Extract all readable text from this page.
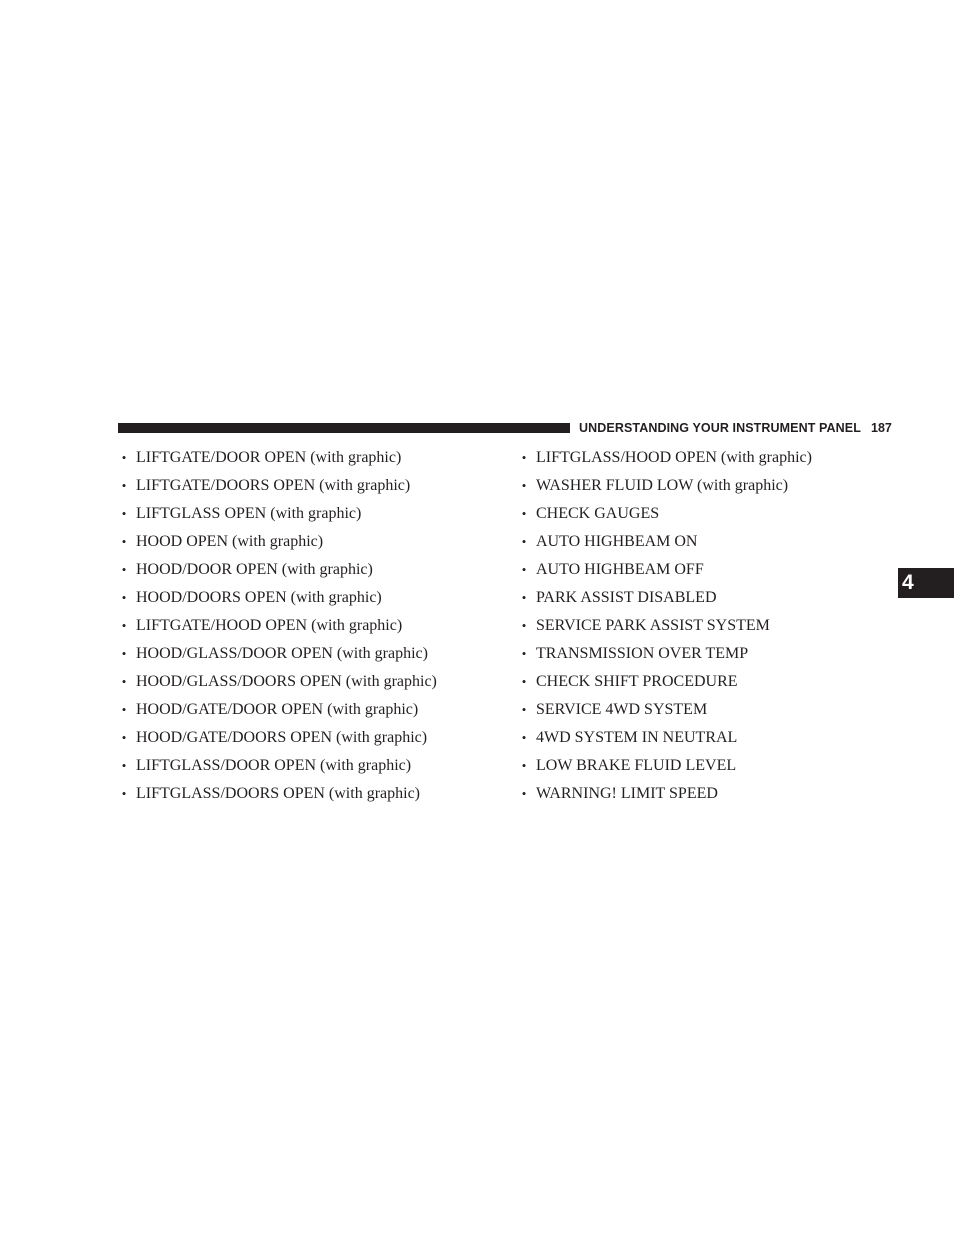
UNDERSTANDING YOUR INSTRUMENT PANEL 187
4
• LIFTGATE/DOOR OPEN (with graphic)
• LIFTGATE/DOORS OPEN (with graphic)
• LIFTGLASS OPEN (with graphic)
• HOOD OPEN (with graphic)
• HOOD/DOOR OPEN (with graphic)
• HOOD/DOORS OPEN (with graphic)
• LIFTGATE/HOOD OPEN (with graphic)
• HOOD/GLASS/DOOR OPEN (with graphic)
• HOOD/GLASS/DOORS OPEN (with graphic)
• HOOD/GATE/DOOR OPEN (with graphic)
• HOOD/GATE/DOORS OPEN (with graphic)
• LIFTGLASS/DOOR OPEN (with graphic)
• LIFTGLASS/DOORS OPEN (with graphic)
• LIFTGLASS/HOOD OPEN (with graphic)
• WASHER FLUID LOW (with graphic)
• CHECK GAUGES
• AUTO HIGHBEAM ON
• AUTO HIGHBEAM OFF
• PARK ASSIST DISABLED
• SERVICE PARK ASSIST SYSTEM
• TRANSMISSION OVER TEMP
• CHECK SHIFT PROCEDURE
• SERVICE 4WD SYSTEM
• 4WD SYSTEM IN NEUTRAL
• LOW BRAKE FLUID LEVEL
• WARNING! LIMIT SPEED
